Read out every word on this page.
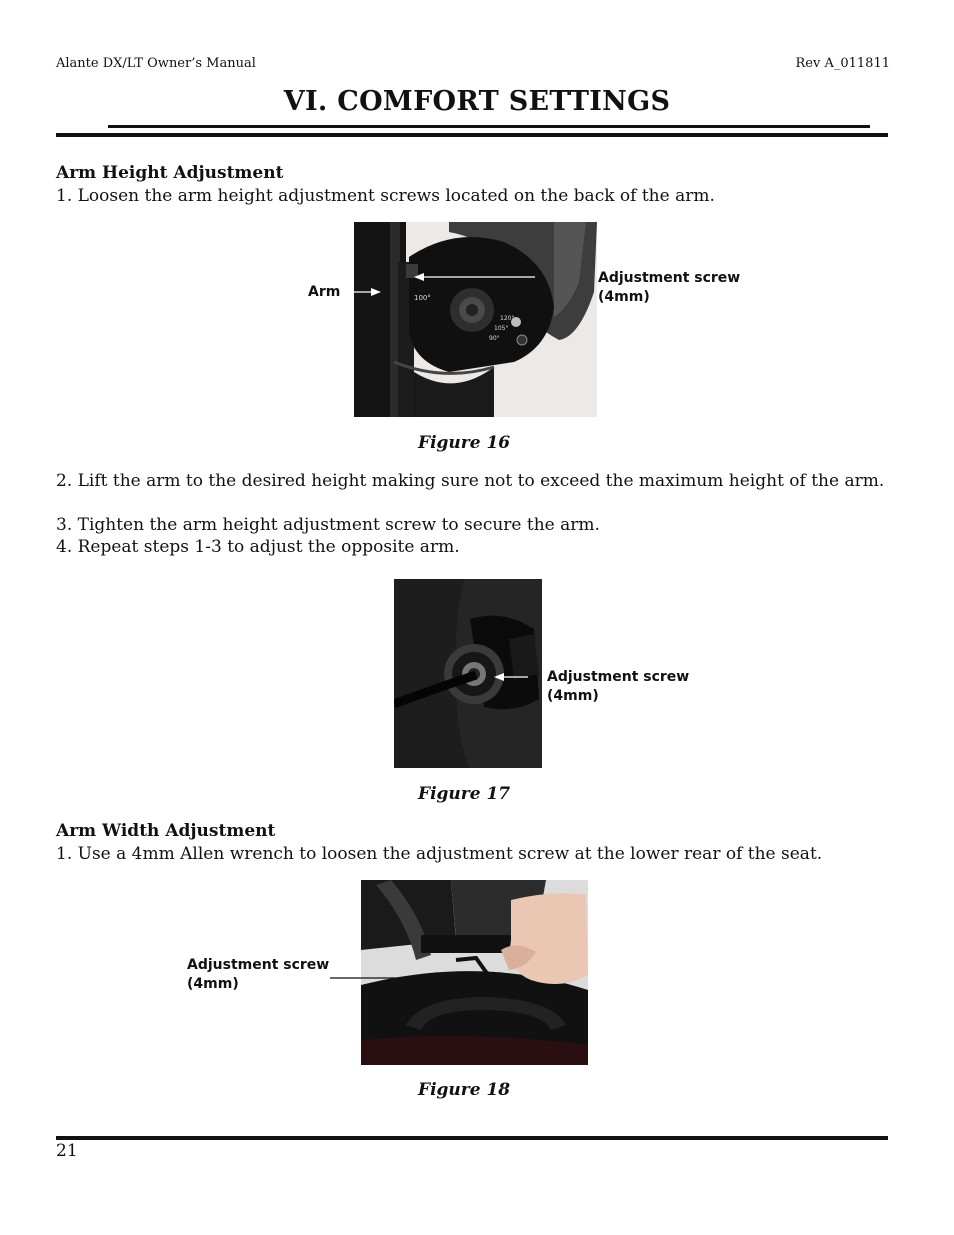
Alante DX/LT Owner’s Manual	Rev A_011811
VI. COMFORT SETTINGS
Arm Height Adjustment
1. Loosen the arm height adjustment screws located on the back of the arm.
100°
120°
105°
90°
Arm
Adjustment screw
(4mm)
Figure 16
2. Lift the arm to the desired height making sure not to exceed the maximum height of the arm.
3. Tighten the arm height adjustment screw to secure the arm.
4. Repeat steps 1-3 to adjust the opposite arm.
Adjustment screw
(4mm)
Figure 17
Arm Width Adjustment
1. Use a 4mm Allen wrench to loosen the adjustment screw at the lower rear of the seat.
Adjustment screw
(4mm)
Figure 18
21
